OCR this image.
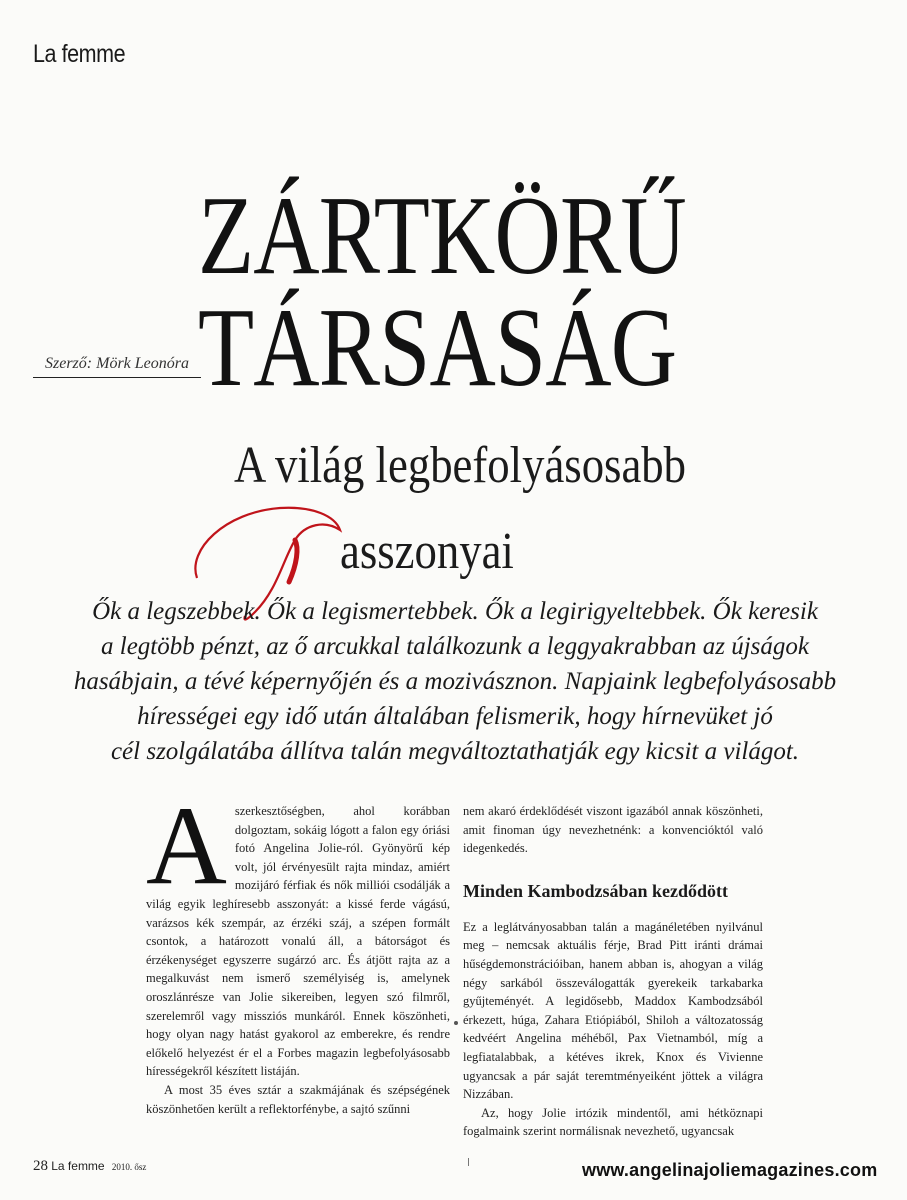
La femme
ZÁRTKÖRŰ
TÁRSASÁG
Szerző: Mörk Leonóra
A világ legbefolyásosabb
asszonyai
Ők a legszebbek. Ők a legismertebbek. Ők a legirigyeltebbek. Ők keresik
a legtöbb pénzt, az ő arcukkal találkozunk a leggyakrabban az újságok
hasábjain, a tévé képernyőjén és a mozivásznon. Napjaink legbefolyásosabb
hírességei egy idő után általában felismerik, hogy hírnevüket jó
cél szolgálatába állítva talán megváltoztathatják egy kicsit a világot.
A szerkesztőségben, ahol korábban dolgoztam, sokáig lógott a falon egy óriási fotó Angelina Jolie-ról. Gyönyörű kép volt, jól érvényesült rajta mindaz, amiért mozijáró férfiak és nők milliói csodálják a világ egyik leghíresebb asszonyát: a kissé ferde vágású, varázsos kék szempár, az érzéki száj, a szépen formált csontok, a határozott vonalú áll, a bátorságot és érzékenységet egyszerre sugárzó arc. És átjött rajta az a megalkuvást nem ismerő személyiség is, amelynek oroszlánrésze van Jolie sikereiben, legyen szó filmről, szerelemről vagy missziós munkáról. Ennek köszönheti, hogy olyan nagy hatást gyakorol az emberekre, és rendre előkelő helyezést ér el a Forbes magazin legbefolyásosabb hírességekről készített listáján.

A most 35 éves sztár a szakmájának és szépségének köszönhetően került a reflektorfénybe, a sajtó szűnni

nem akaró érdeklődését viszont igazából annak köszönheti, amit finoman úgy nevezhetnénk: a konvencióktól való idegenkedés.

Minden Kambodzsában kezdődött

Ez a leglátványosabban talán a magánéletében nyilvánul meg – nemcsak aktuális férje, Brad Pitt iránti drámai hűségdemonstrációiban, hanem abban is, ahogyan a világ négy sarkából összeválogatták gyerekeik tarkabarka gyűjteményét. A legidősebb, Maddox Kambodzsából érkezett, húga, Zahara Etiópiából, Shiloh a változatosság kedvéért Angelina méhéből, Pax Vietnamból, míg a legfiatalabbak, a kétéves ikrek, Knox és Vivienne ugyancsak a pár saját teremtményeiként jöttek a világra Nizzában.

Az, hogy Jolie irtózik mindentől, ami hétköznapi fogalmaink szerint normálisnak nevezhető, ugyancsak

28 La femme 2010. ősz	www.angelinajoliemagazines.com
